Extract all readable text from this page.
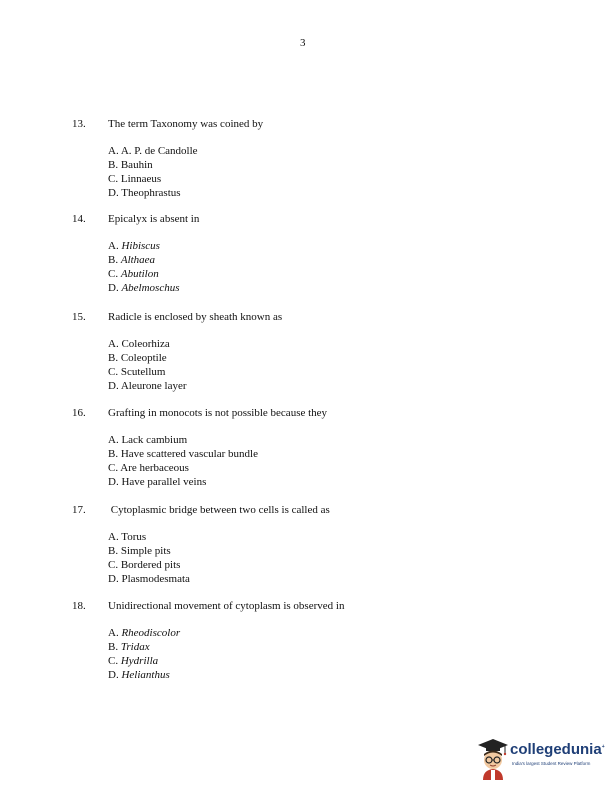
3
13. The term Taxonomy was coined by
A. A. P. de Candolle
B. Bauhin
C. Linnaeus
D. Theophrastus
14. Epicalyx is absent in
A. Hibiscus
B. Althaea
C. Abutilon
D. Abelmoschus
15. Radicle is enclosed by sheath known as
A. Coleorhiza
B. Coleoptile
C. Scutellum
D. Aleurone layer
16. Grafting in monocots is not possible because they
A. Lack cambium
B. Have scattered vascular bundle
C. Are herbaceous
D. Have parallel veins
17. Cytoplasmic bridge between two cells is called as
A. Torus
B. Simple pits
C. Bordered pits
D. Plasmodesmata
18. Unidirectional movement of cytoplasm is observed in
A. Rheodiscolor
B. Tridax
C. Hydrilla
D. Helianthus
collegedunia+
India's largest Student Review Platform
